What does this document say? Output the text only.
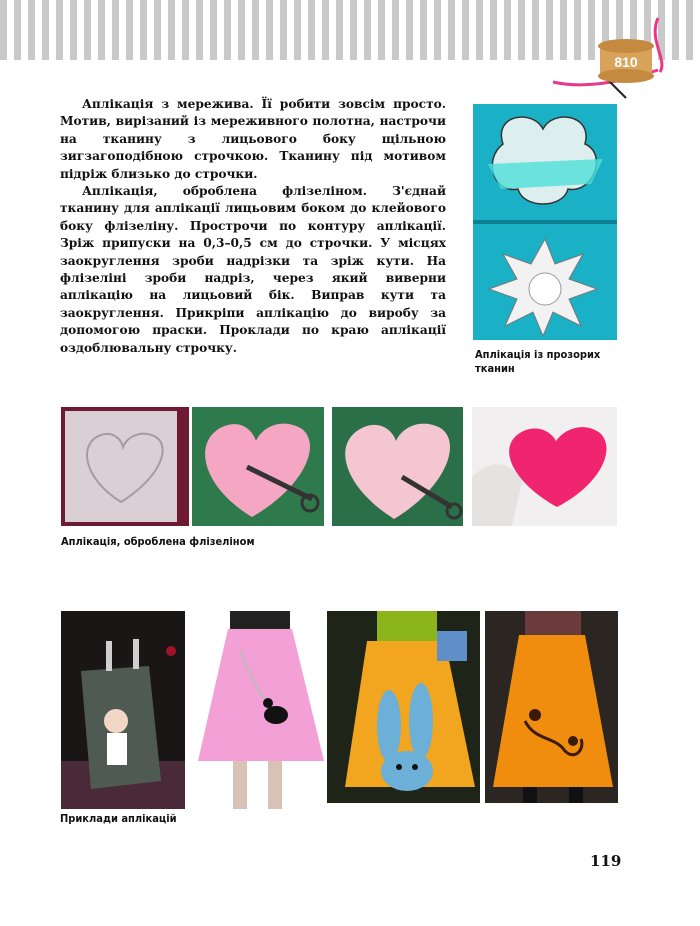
810

Аплікація з мереживa. Її робити зовсім просто. Мотив, вирізаний із мереживного полотна, настрочи на тканину з лицьового боку щільною зигзагоподібною строчкою. Тканину під мотивом підріж близько до строчки.

Аплікація, оброблена флізеліном. З'єднай тканину для аплікації лицьовим боком до клейового боку флізеліну. Прострочи по контуру аплікації. Зріж припуски на 0,3–0,5 см до строчки. У місцях заокруглення зроби надрізки та зріж кути. На флізеліні зроби надріз, через який виверни аплікацію на лицьовий бік. Виправ кути та заокруглення. Прикріпи аплікацію до виробу за допомогою праски. Проклади по краю аплікації оздоблювальну строчку.	Аплікація із прозорих тканин
Аплікація, оброблена флізеліном
Приклади аплікацій
119
